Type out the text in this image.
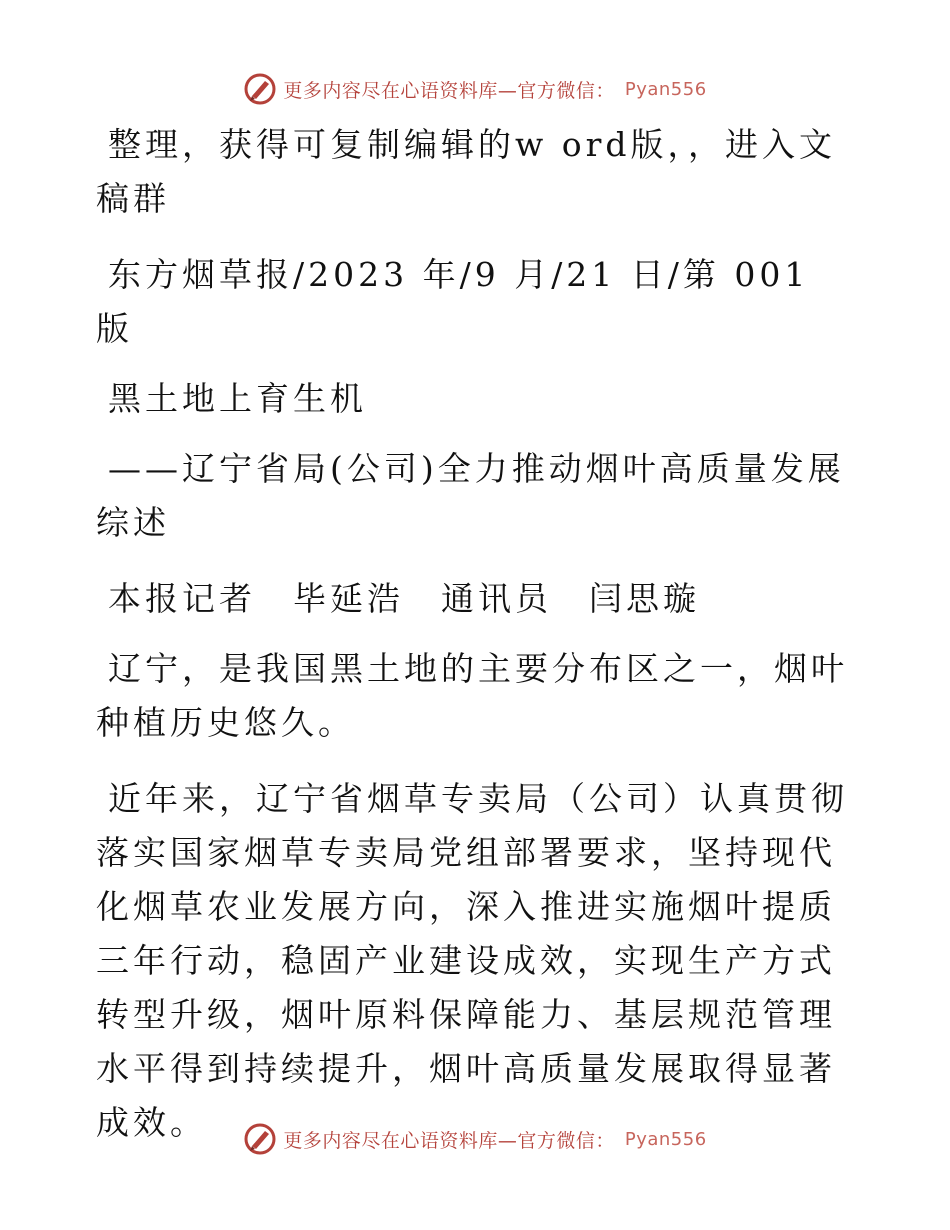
更多内容尽在心语资料库—官方微信： Pyan556

整理，获得可复制编辑的w ord版，，进入文稿群

东方烟草报/2023 年/9 月/21 日/第 001 版

黑土地上育生机

——辽宁省局(公司)全力推动烟叶高质量发展综述

本报记者　毕延浩　通讯员　闫思璇

辽宁，是我国黑土地的主要分布区之一，烟叶种植历史悠久。

近年来，辽宁省烟草专卖局（公司）认真贯彻落实国家烟草专卖局党组部署要求，坚持现代化烟草农业发展方向，深入推进实施烟叶提质三年行动，稳固产业建设成效，实现生产方式转型升级，烟叶原料保障能力、基层规范管理水平得到持续提升，烟叶高质量发展取得显著成效。	更多内容尽在心语资料库—官方微信： Pyan556
